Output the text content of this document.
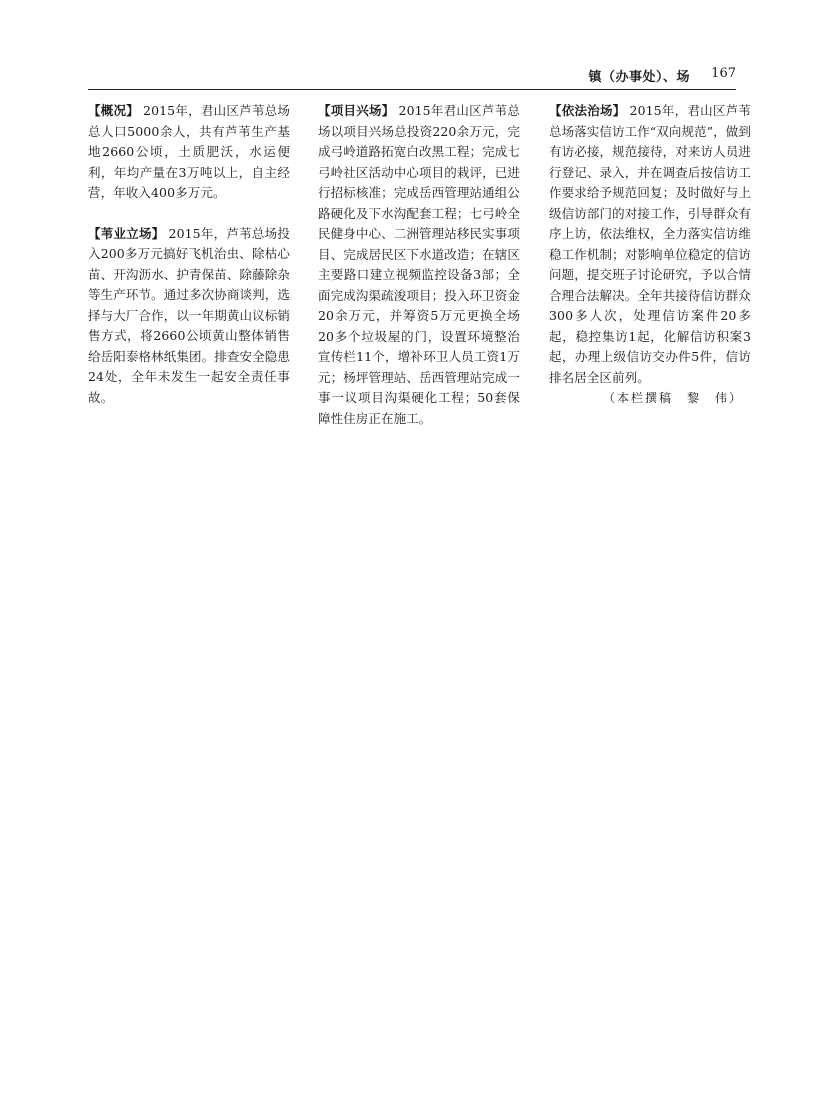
镇（办事处）、场 167

【概况】 2015年，君山区芦苇总场总人口5000余人，共有芦苇生产基地2660公顷，土质肥沃，水运便利，年均产量在3万吨以上，自主经营，年收入400多万元。

【苇业立场】 2015年，芦苇总场投入200多万元搞好飞机治虫、除枯心苗、开沟沥水、护青保苗、除藤除杂等生产环节。通过多次协商谈判，选择与大厂合作，以一年期黄山议标销售方式，将2660公顷黄山整体销售给岳阳泰格林纸集团。排查安全隐患24处，全年未发生一起安全责任事故。

【项目兴场】 2015年君山区芦苇总场以项目兴场总投资220余万元，完成弓岭道路拓宽白改黑工程；完成七弓岭社区活动中心项目的栽评，已进行招标核准；完成岳西管理站通组公路硬化及下水沟配套工程；七弓岭全民健身中心、二洲管理站移民实事项目、完成居民区下水道改造；在辖区主要路口建立视频监控设备3部；全面完成沟渠疏浚项目；投入环卫资金20余万元，并筹资5万元更换全场20多个垃圾屋的门，设置环境整治宣传栏11个，增补环卫人员工资1万元；杨坪管理站、岳西管理站完成一事一议项目沟渠硬化工程；50套保障性住房正在施工。

【依法治场】 2015年，君山区芦苇总场落实信访工作“双向规范”，做到有访必接，规范接待，对来访人员进行登记、录入，并在调查后按信访工作要求给予规范回复；及时做好与上级信访部门的对接工作，引导群众有序上访，依法维权，全力落实信访维稳工作机制；对影响单位稳定的信访问题，提交班子讨论研究，予以合情合理合法解决。全年共接待信访群众300多人次，处理信访案件20多起，稳控集访1起，化解信访积案3起，办理上级信访交办件5件，信访排名居全区前列。

（本栏撰稿　黎　伟）
